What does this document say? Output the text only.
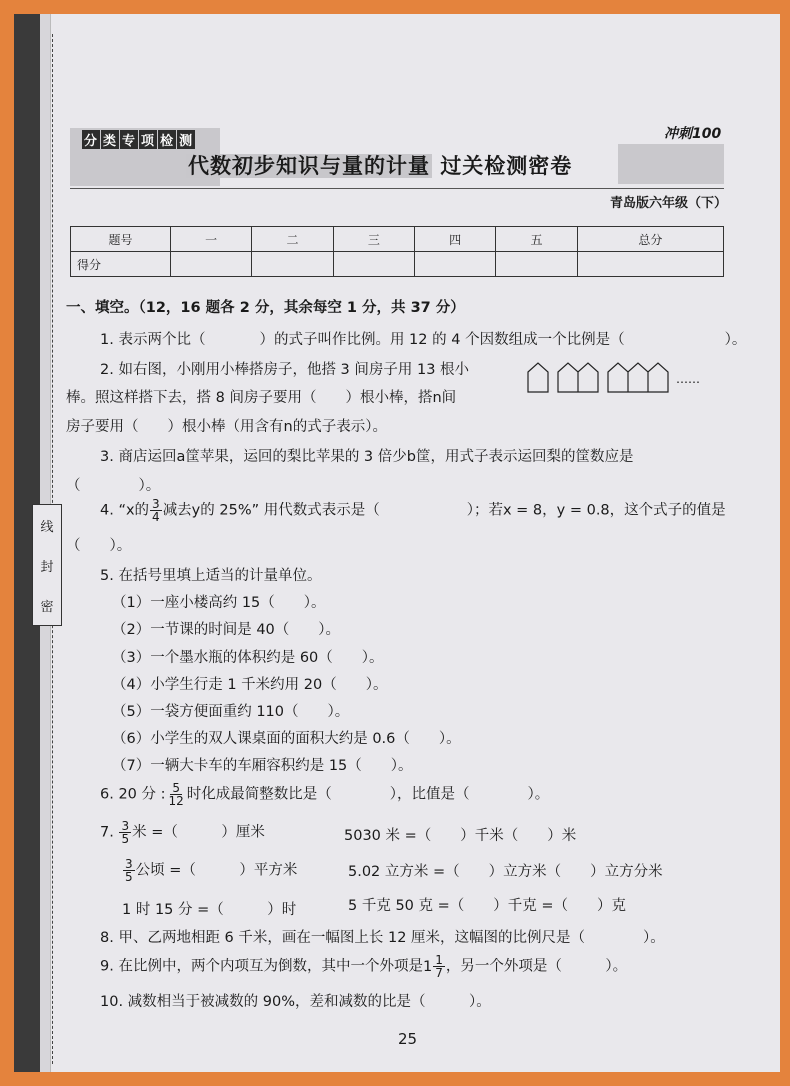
线
封
密
分 类 专 项 检 测	冲刺100
代数初步知识与量的计量 过关检测密卷
青岛版六年级（下）
题号	一	二	三	四	五	总分
得分						
一、填空。（12，16 题各 2 分，其余每空 1 分，共 37 分）
1. 表示两个比（	）的式子叫作比例。用 12 的 4 个因数组成一个比例是（	）。
2. 如右图，小刚用小棒搭房子，他搭 3 间房子用 13 根小
棒。照这样搭下去，搭 8 间房子要用（　　）根小棒，搭n间
房子要用（　　）根小棒（用含有n的式子表示）。
……
3. 商店运回a筐苹果，运回的梨比苹果的 3 倍少b筐，用式子表示运回梨的筐数应是
（　　　　）。
4. “x的 $\frac{3}{4}$ 减去y的 25%” 用代数式表示是（　　　　　　）；若x = 8，y = 0.8，这个式子的值是
（　　）。
5. 在括号里填上适当的计量单位。
（1）一座小楼高约 15（　　）。
（2）一节课的时间是 40（　　）。
（3）一个墨水瓶的体积约是 60（　　）。
（4）小学生行走 1 千米约用 20（　　）。
（5）一袋方便面重约 110（　　）。
（6）小学生的双人课桌面的面积大约是 0.6（　　）。
（7）一辆大卡车的车厢容积约是 15（　　）。
6. 20 分 : $\frac{5}{12}$ 时化成最简整数比是（　　　　），比值是（　　　　）。
7. $\frac{3}{5}$ 米 =（　　　）厘米	5030 米 =（　　）千米（　　）米
$\frac{3}{5}$ 公顷 =（　　　）平方米	5.02 立方米 =（　　）立方米（　　）立方分米
1 时 15 分 =（　　　）时	5 千克 50 克 =（　　）千克 =（　　）克
8. 甲、乙两地相距 6 千米，画在一幅图上长 12 厘米，这幅图的比例尺是（　　　　）。
9. 在比例中，两个内项互为倒数，其中一个外项是 $1 \frac{1}{7}$ ，另一个外项是（　　　）。
10. 减数相当于被减数的 90%，差和减数的比是（　　　）。
25
